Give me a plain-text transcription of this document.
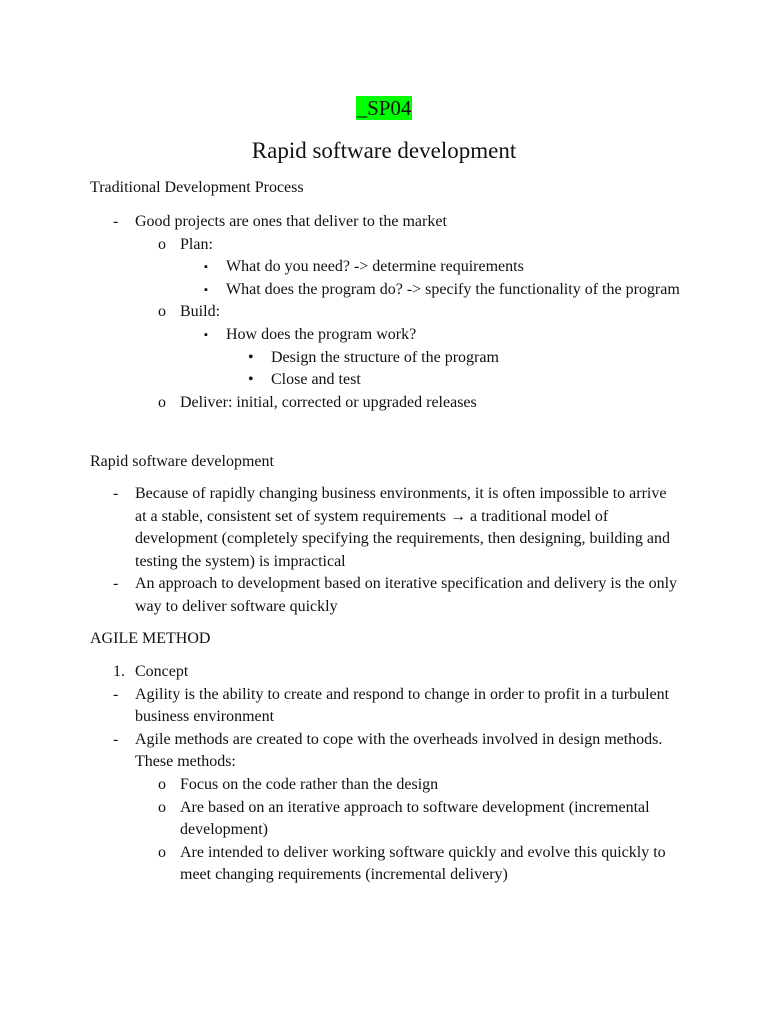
_SP04
Rapid software development
Traditional Development Process
- Good projects are ones that deliver to the market
o Plan:
▪ What do you need? -> determine requirements
▪ What does the program do? -> specify the functionality of the program
o Build:
▪ How does the program work?
• Design the structure of the program
• Close and test
o Deliver: initial, corrected or upgraded releases
Rapid software development
- Because of rapidly changing business environments, it is often impossible to arrive at a stable, consistent set of system requirements → a traditional model of development (completely specifying the requirements, then designing, building and testing the system) is impractical
- An approach to development based on iterative specification and delivery is the only way to deliver software quickly
AGILE METHOD
1. Concept
- Agility is the ability to create and respond to change in order to profit in a turbulent business environment
- Agile methods are created to cope with the overheads involved in design methods. These methods:
o Focus on the code rather than the design
o Are based on an iterative approach to software development (incremental development)
o Are intended to deliver working software quickly and evolve this quickly to meet changing requirements (incremental delivery)
